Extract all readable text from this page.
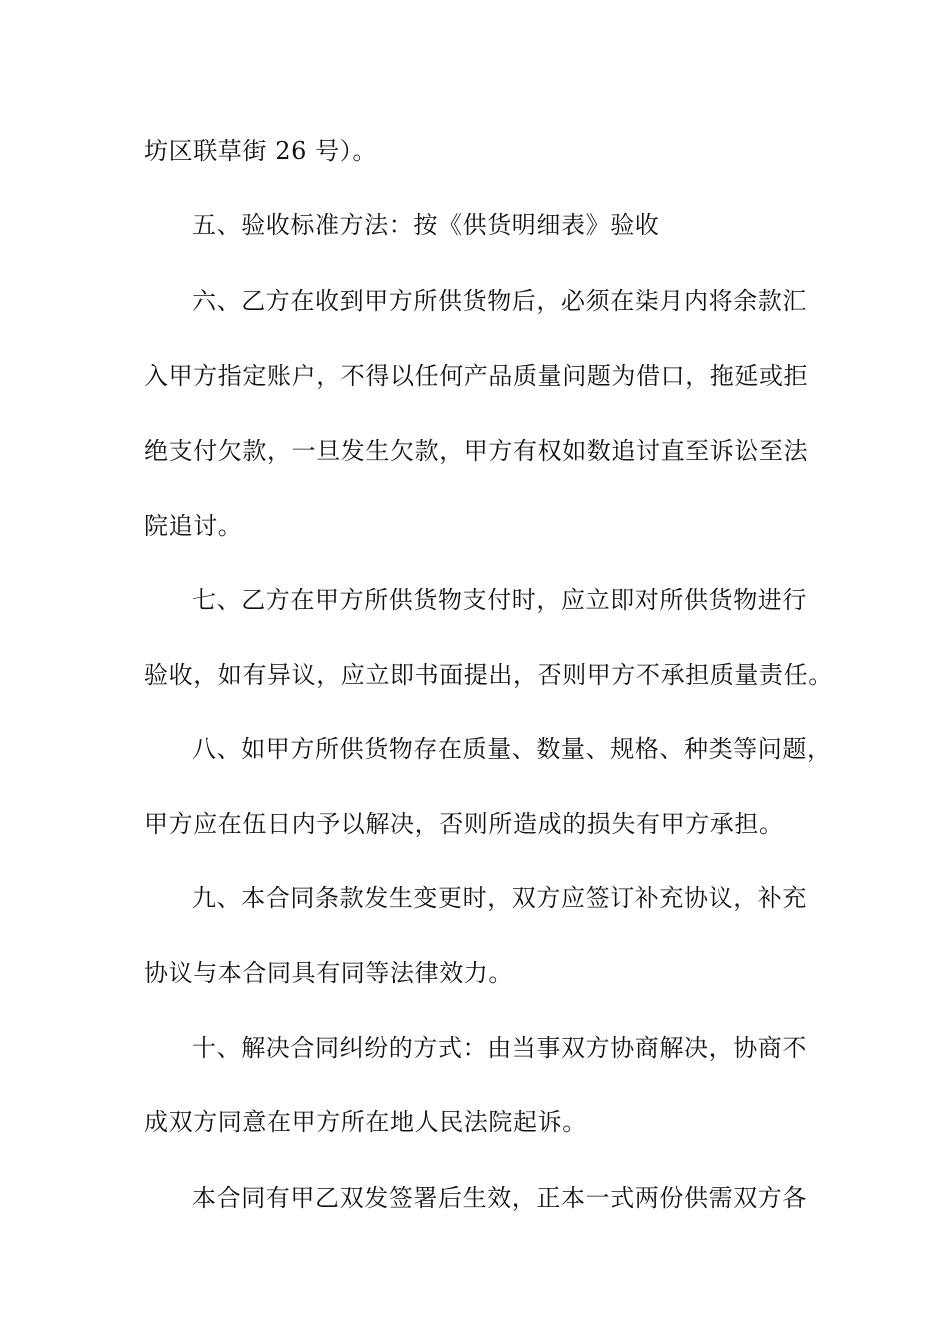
坊区联草街 26 号）。
五、验收标准方法：按《供货明细表》验收
六、乙方在收到甲方所供货物后，必须在柒月内将余款汇
入甲方指定账户，不得以任何产品质量问题为借口，拖延或拒
绝支付欠款，一旦发生欠款，甲方有权如数追讨直至诉讼至法
院追讨。
七、乙方在甲方所供货物支付时，应立即对所供货物进行
验收，如有异议，应立即书面提出，否则甲方不承担质量责任。
八、如甲方所供货物存在质量、数量、规格、种类等问题，
甲方应在伍日内予以解决，否则所造成的损失有甲方承担。
九、本合同条款发生变更时，双方应签订补充协议，补充
协议与本合同具有同等法律效力。
十、解决合同纠纷的方式：由当事双方协商解决，协商不
成双方同意在甲方所在地人民法院起诉。
本合同有甲乙双发签署后生效，正本一式两份供需双方各
